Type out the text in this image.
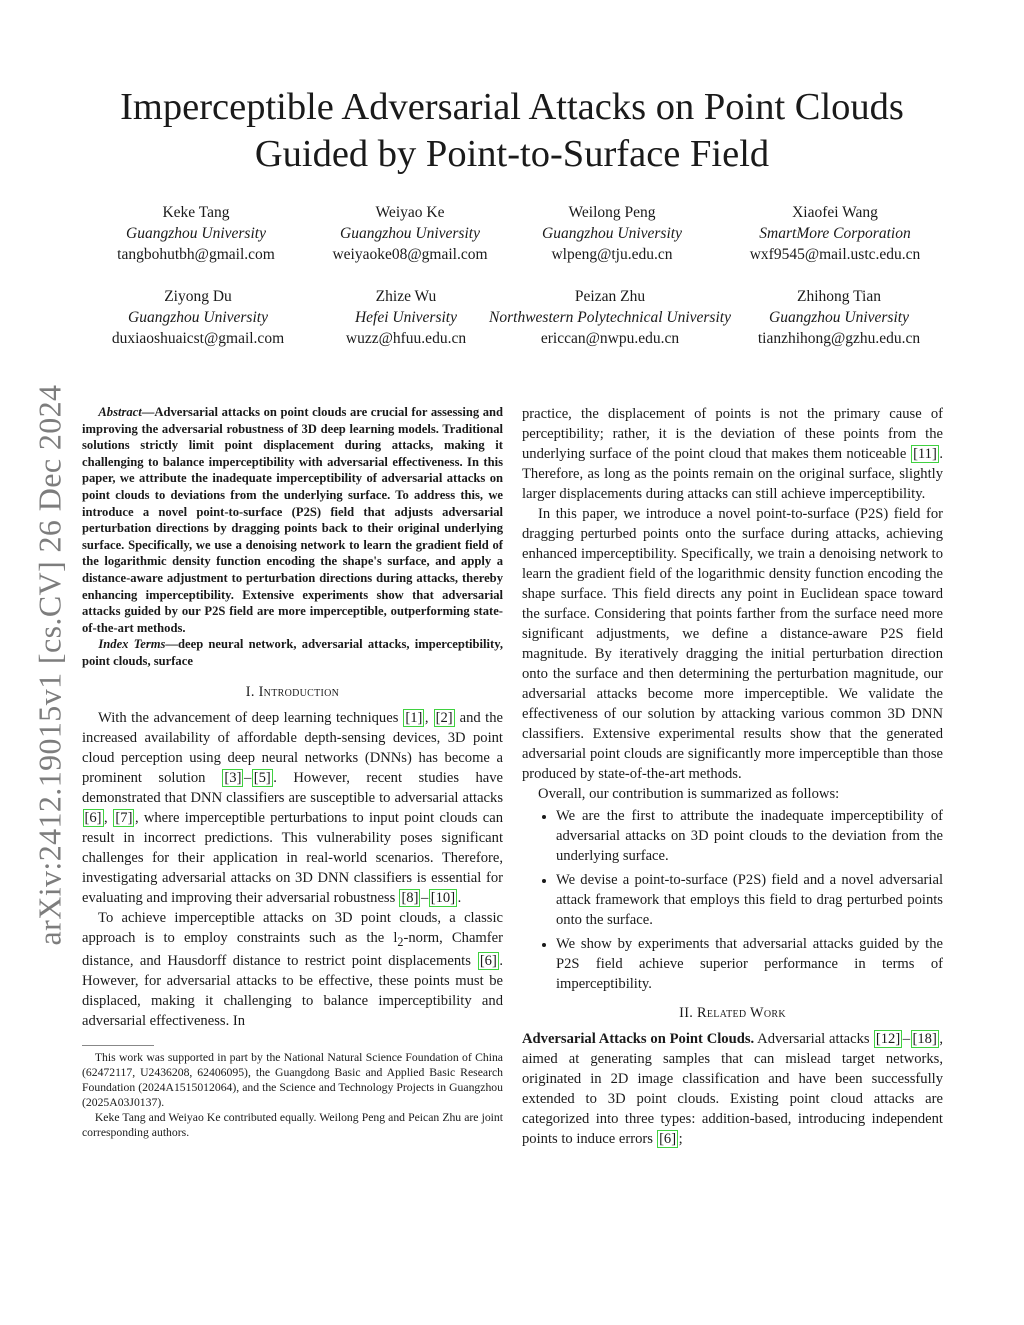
arXiv:2412.19015v1 [cs.CV] 26 Dec 2024
Imperceptible Adversarial Attacks on Point Clouds
Guided by Point-to-Surface Field
Keke Tang
Guangzhou University
tangbohutbh@gmail.com
Weiyao Ke
Guangzhou University
weiyaoke08@gmail.com
Weilong Peng
Guangzhou University
wlpeng@tju.edu.cn
Xiaofei Wang
SmartMore Corporation
wxf9545@mail.ustc.edu.cn
Ziyong Du
Guangzhou University
duxiaoshuaicst@gmail.com
Zhize Wu
Hefei University
wuzz@hfuu.edu.cn
Peizan Zhu
Northwestern Polytechnical University
ericcan@nwpu.edu.cn
Zhihong Tian
Guangzhou University
tianzhihong@gzhu.edu.cn

Abstract—Adversarial attacks on point clouds are crucial for assessing and improving the adversarial robustness of 3D deep learning models. Traditional solutions strictly limit point displacement during attacks, making it challenging to balance imperceptibility with adversarial effectiveness. In this paper, we attribute the inadequate imperceptibility of adversarial attacks on point clouds to deviations from the underlying surface. To address this, we introduce a novel point-to-surface (P2S) field that adjusts adversarial perturbation directions by dragging points back to their original underlying surface. Specifically, we use a denoising network to learn the gradient field of the logarithmic density function encoding the shape's surface, and apply a distance-aware adjustment to perturbation directions during attacks, thereby enhancing imperceptibility. Extensive experiments show that adversarial attacks guided by our P2S field are more imperceptible, outperforming state-of-the-art methods.

Index Terms—deep neural network, adversarial attacks, imperceptibility, point clouds, surface

I. Introduction

With the advancement of deep learning techniques [1] , [2] and the increased availability of affordable depth-sensing devices, 3D point cloud perception using deep neural networks (DNNs) has become a prominent solution [3] – [5] . However, recent studies have demonstrated that DNN classifiers are susceptible to adversarial attacks [6] , [7] , where imperceptible perturbations to input point clouds can result in incorrect predictions. This vulnerability poses significant challenges for their application in real-world scenarios. Therefore, investigating adversarial attacks on 3D DNN classifiers is essential for evaluating and improving their adversarial robustness [8] – [10] .

To achieve imperceptible attacks on 3D point clouds, a classic approach is to employ constraints such as the $l_2$-norm, Chamfer distance, and Hausdorff distance to restrict point displacements [6] . However, for adversarial attacks to be effective, these points must be displaced, making it challenging to balance imperceptibility and adversarial effectiveness. In

This work was supported in part by the National Natural Science Foundation of China (62472117, U2436208, 62406095), the Guangdong Basic and Applied Basic Research Foundation (2024A1515012064), and the Science and Technology Projects in Guangzhou (2025A03J0137).

Keke Tang and Weiyao Ke contributed equally. Weilong Peng and Peican Zhu are joint corresponding authors.

practice, the displacement of points is not the primary cause of perceptibility; rather, it is the deviation of these points from the underlying surface of the point cloud that makes them noticeable [11] . Therefore, as long as the points remain on the original surface, slightly larger displacements during attacks can still achieve imperceptibility.

In this paper, we introduce a novel point-to-surface (P2S) field for dragging perturbed points onto the surface during attacks, achieving enhanced imperceptibility. Specifically, we train a denoising network to learn the gradient field of the logarithmic density function encoding the shape surface. This field directs any point in Euclidean space toward the surface. Considering that points farther from the surface need more significant adjustments, we define a distance-aware P2S field magnitude. By iteratively dragging the initial perturbation direction onto the surface and then determining the perturbation magnitude, our adversarial attacks become more imperceptible. We validate the effectiveness of our solution by attacking various common 3D DNN classifiers. Extensive experimental results show that the generated adversarial point clouds are significantly more imperceptible than those produced by state-of-the-art methods.

Overall, our contribution is summarized as follows:

• We are the first to attribute the inadequate imperceptibility of adversarial attacks on 3D point clouds to the deviation from the underlying surface.
• We devise a point-to-surface (P2S) field and a novel adversarial attack framework that employs this field to drag perturbed points onto the surface.
• We show by experiments that adversarial attacks guided by the P2S field achieve superior performance in terms of imperceptibility.
II. Related Work

Adversarial Attacks on Point Clouds. Adversarial attacks [12] – [18] , aimed at generating samples that can mislead target networks, originated in 2D image classification and have been successfully extended to 3D point clouds. Existing point cloud attacks are categorized into three types: addition-based, introducing independent points to induce errors [6] ;
